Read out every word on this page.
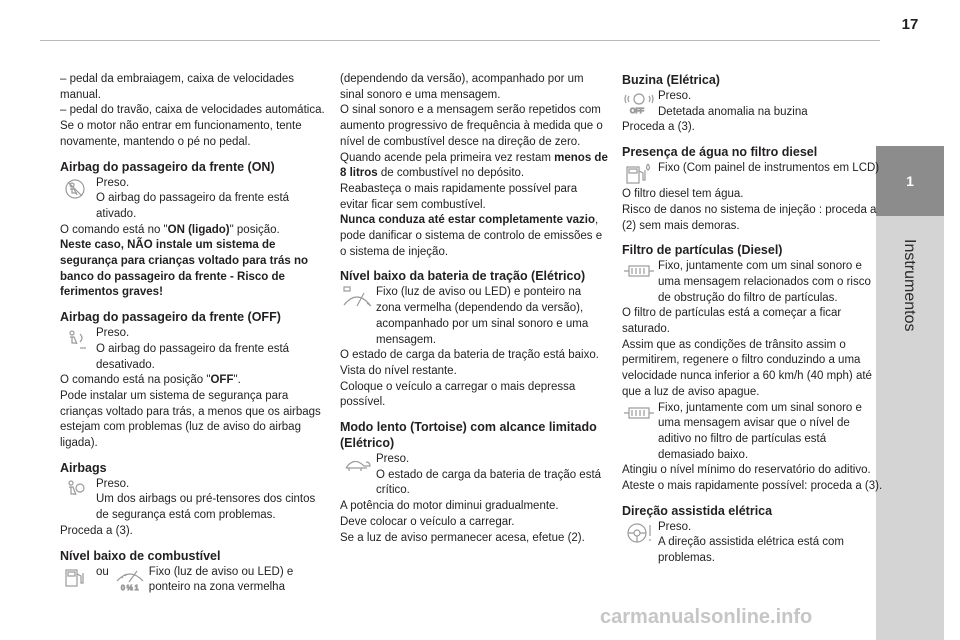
17
1
Instrumentos

– pedal da embraiagem, caixa de velocidades manual.

– pedal do travão, caixa de velocidades automática.

Se o motor não entrar em funcionamento, tente novamente, mantendo o pé no pedal.

Airbag do passageiro da frente (ON)

Preso.

O airbag do passageiro da frente está ativado.

O comando está no "ON (ligado)" posição.

Neste caso, NÃO instale um sistema de segurança para crianças voltado para trás no banco do passageiro da frente - Risco de ferimentos graves!

Airbag do passageiro da frente (OFF)

Preso.

O airbag do passageiro da frente está desativado.

O comando está na posição "OFF".

Pode instalar um sistema de segurança para crianças voltado para trás, a menos que os airbags estejam com problemas (luz de aviso do airbag ligada).

Airbags

Preso.

Um dos airbags ou pré-tensores dos cintos de segurança está com problemas.

Proceda a (3).

Nível baixo de combustível
ou
0 ½ 1

Fixo (luz de aviso ou LED) e ponteiro na zona vermelha

(dependendo da versão), acompanhado por um sinal sonoro e uma mensagem.

O sinal sonoro e a mensagem serão repetidos com aumento progressivo de frequência à medida que o nível de combustível desce na direção de zero.

Quando acende pela primeira vez restam menos de 8 litros de combustível no depósito.

Reabasteça o mais rapidamente possível para evitar ficar sem combustível.

Nunca conduza até estar completamente vazio, pode danificar o sistema de controlo de emissões e o sistema de injeção.

Nível baixo da bateria de tração (Elétrico)

Fixo (luz de aviso ou LED) e ponteiro na zona vermelha (dependendo da versão), acompanhado por um sinal sonoro e uma mensagem.

O estado de carga da bateria de tração está baixo.

Vista do nível restante.

Coloque o veículo a carregar o mais depressa possível.

Modo lento (Tortoise) com alcance limitado (Elétrico)

Preso.

O estado de carga da bateria de tração está crítico.

A potência do motor diminui gradualmente.

Deve colocar o veículo a carregar.

Se a luz de aviso permanecer acesa, efetue (2).

Buzina (Elétrica)
OFF

Preso.

Detetada anomalia na buzina

Proceda a (3).

Presença de água no filtro diesel

Fixo (Com painel de instrumentos em LCD)

O filtro diesel tem água.

Risco de danos no sistema de injeção : proceda a (2) sem mais demoras.

Filtro de partículas (Diesel)

Fixo, juntamente com um sinal sonoro e uma mensagem relacionados com o risco de obstrução do filtro de partículas.

O filtro de partículas está a começar a ficar saturado.

Assim que as condições de trânsito assim o permitirem, regenere o filtro conduzindo a uma velocidade nunca inferior a 60 km/h (40 mph) até que a luz de aviso apague.

Fixo, juntamente com um sinal sonoro e uma mensagem avisar que o nível de aditivo no filtro de partículas está demasiado baixo.

Atingiu o nível mínimo do reservatório do aditivo.

Ateste o mais rapidamente possível: proceda a (3).

Direção assistida elétrica

Preso.

A direção assistida elétrica está com problemas.

carmanualsonline.info
